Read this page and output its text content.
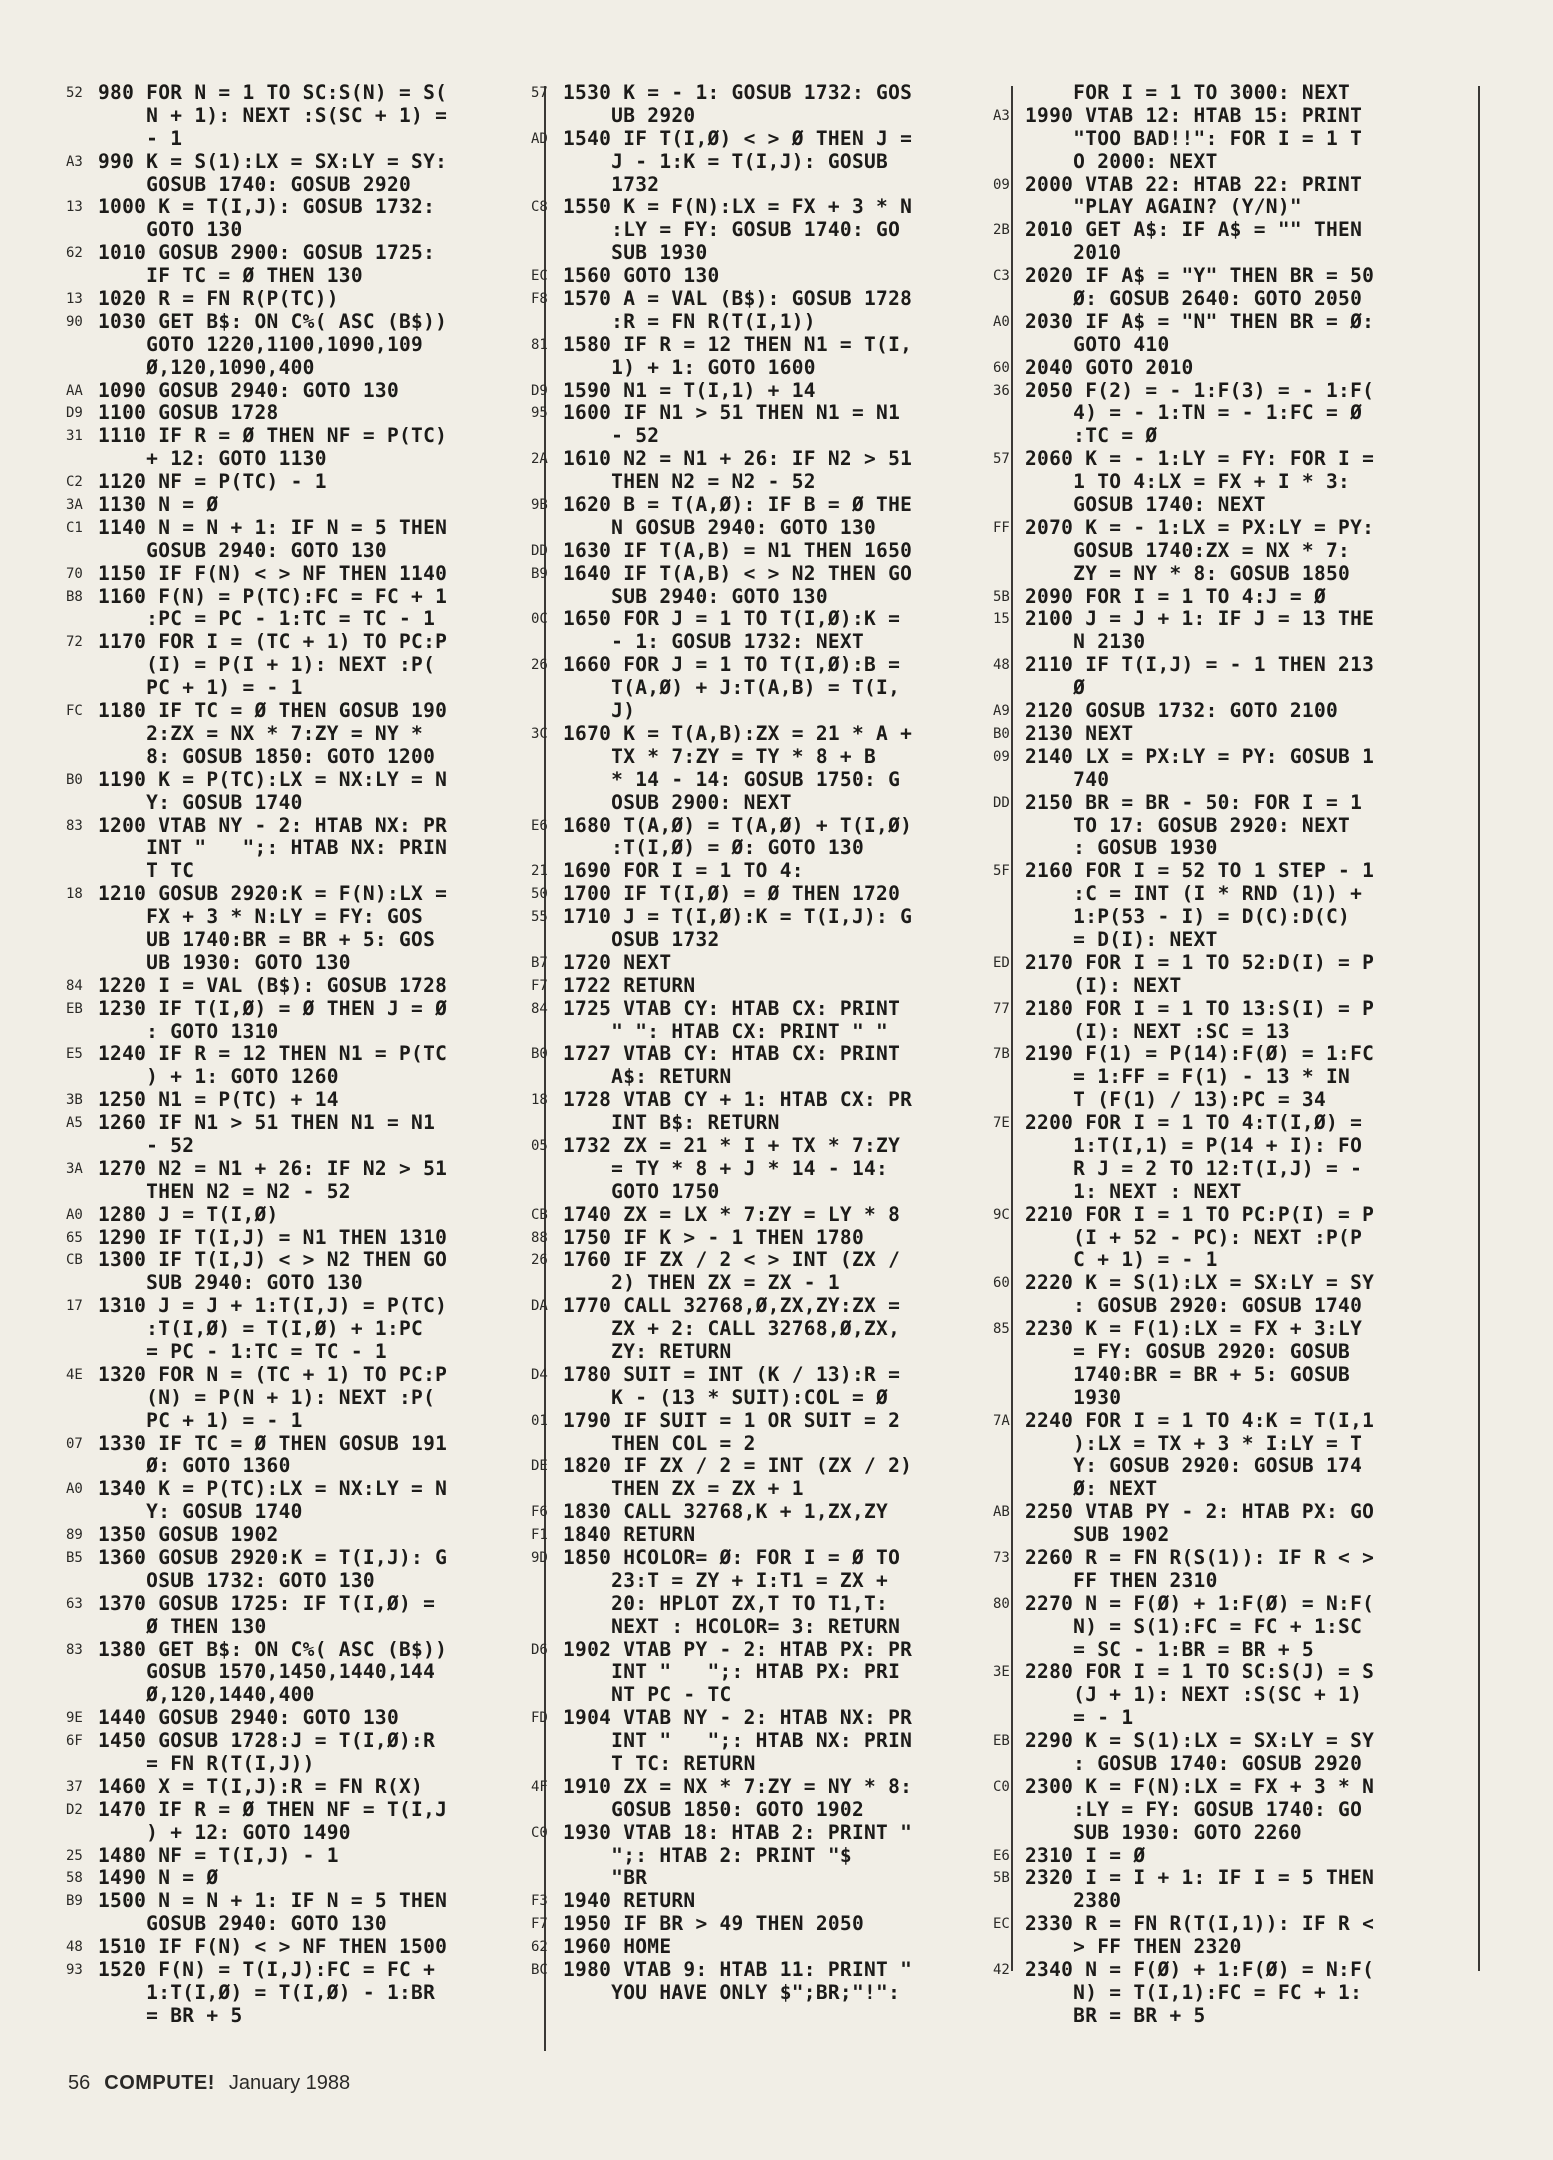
52 980 FOR N = 1 TO SC:S(N) = S(
N + 1): NEXT :S(SC + 1) =
- 1
A3 990 K = S(1):LX = SX:LY = SY:
GOSUB 1740: GOSUB 2920
13 1000 K = T(I,J): GOSUB 1732:
GOTO 130
62 1010 GOSUB 2900: GOSUB 1725:
IF TC = Ø THEN 130
13 1020 R = FN R(P(TC))
90 1030 GET B$: ON C%( ASC (B$))
GOTO 1220,1100,1090,109
Ø,120,1090,400
AA 1090 GOSUB 2940: GOTO 130
D9 1100 GOSUB 1728
31 1110 IF R = Ø THEN NF = P(TC)
+ 12: GOTO 1130
C2 1120 NF = P(TC) - 1
3A 1130 N = Ø
C1 1140 N = N + 1: IF N = 5 THEN
GOSUB 2940: GOTO 130
70 1150 IF F(N) < > NF THEN 1140
B8 1160 F(N) = P(TC):FC = FC + 1
:PC = PC - 1:TC = TC - 1
72 1170 FOR I = (TC + 1) TO PC:P
(I) = P(I + 1): NEXT :P(
PC + 1) = - 1
FC 1180 IF TC = Ø THEN GOSUB 190
2:ZX = NX * 7:ZY = NY *
8: GOSUB 1850: GOTO 1200
B0 1190 K = P(TC):LX = NX:LY = N
Y: GOSUB 1740
83 1200 VTAB NY - 2: HTAB NX: PR
INT "   ";: HTAB NX: PRIN
T TC
18 1210 GOSUB 2920:K = F(N):LX =
FX + 3 * N:LY = FY: GOS
UB 1740:BR = BR + 5: GOS
UB 1930: GOTO 130
84 1220 I = VAL (B$): GOSUB 1728
EB 1230 IF T(I,Ø) = Ø THEN J = Ø
: GOTO 1310
E5 1240 IF R = 12 THEN N1 = P(TC
) + 1: GOTO 1260
3B 1250 N1 = P(TC) + 14
A5 1260 IF N1 > 51 THEN N1 = N1
- 52
3A 1270 N2 = N1 + 26: IF N2 > 51
THEN N2 = N2 - 52
A0 1280 J = T(I,Ø)
65 1290 IF T(I,J) = N1 THEN 1310
CB 1300 IF T(I,J) < > N2 THEN GO
SUB 2940: GOTO 130
17 1310 J = J + 1:T(I,J) = P(TC)
:T(I,Ø) = T(I,Ø) + 1:PC
= PC - 1:TC = TC - 1
4E 1320 FOR N = (TC + 1) TO PC:P
(N) = P(N + 1): NEXT :P(
PC + 1) = - 1
07 1330 IF TC = Ø THEN GOSUB 191
Ø: GOTO 1360
A0 1340 K = P(TC):LX = NX:LY = N
Y: GOSUB 1740
89 1350 GOSUB 1902
B5 1360 GOSUB 2920:K = T(I,J): G
OSUB 1732: GOTO 130
63 1370 GOSUB 1725: IF T(I,Ø) =
Ø THEN 130
83 1380 GET B$: ON C%( ASC (B$))
GOSUB 1570,1450,1440,144
Ø,120,1440,400
9E 1440 GOSUB 2940: GOTO 130
6F 1450 GOSUB 1728:J = T(I,Ø):R
= FN R(T(I,J))
37 1460 X = T(I,J):R = FN R(X)
D2 1470 IF R = Ø THEN NF = T(I,J
) + 12: GOTO 1490
25 1480 NF = T(I,J) - 1
58 1490 N = Ø
B9 1500 N = N + 1: IF N = 5 THEN
GOSUB 2940: GOTO 130
48 1510 IF F(N) < > NF THEN 1500
93 1520 F(N) = T(I,J):FC = FC +
1:T(I,Ø) = T(I,Ø) - 1:BR
= BR + 5
57 1530 K = - 1: GOSUB 1732: GOS
UB 2920
AD 1540 IF T(I,Ø) < > Ø THEN J =
J - 1:K = T(I,J): GOSUB
1732
C8 1550 K = F(N):LX = FX + 3 * N
:LY = FY: GOSUB 1740: GO
SUB 1930
EC 1560 GOTO 130
F8 1570 A = VAL (B$): GOSUB 1728
:R = FN R(T(I,1))
81 1580 IF R = 12 THEN N1 = T(I,
1) + 1: GOTO 1600
D9 1590 N1 = T(I,1) + 14
95 1600 IF N1 > 51 THEN N1 = N1
- 52
2A 1610 N2 = N1 + 26: IF N2 > 51
THEN N2 = N2 - 52
9B 1620 B = T(A,Ø): IF B = Ø THE
N GOSUB 2940: GOTO 130
DD 1630 IF T(A,B) = N1 THEN 1650
B9 1640 IF T(A,B) < > N2 THEN GO
SUB 2940: GOTO 130
0C 1650 FOR J = 1 TO T(I,Ø):K =
- 1: GOSUB 1732: NEXT
26 1660 FOR J = 1 TO T(I,Ø):B =
T(A,Ø) + J:T(A,B) = T(I,
J)
3C 1670 K = T(A,B):ZX = 21 * A +
TX * 7:ZY = TY * 8 + B
* 14 - 14: GOSUB 1750: G
OSUB 2900: NEXT
E6 1680 T(A,Ø) = T(A,Ø) + T(I,Ø)
:T(I,Ø) = Ø: GOTO 130
21 1690 FOR I = 1 TO 4:
50 1700 IF T(I,Ø) = Ø THEN 1720
55 1710 J = T(I,Ø):K = T(I,J): G
OSUB 1732
B7 1720 NEXT
F7 1722 RETURN
84 1725 VTAB CY: HTAB CX: PRINT
" ": HTAB CX: PRINT " "
B0 1727 VTAB CY: HTAB CX: PRINT
A$: RETURN
18 1728 VTAB CY + 1: HTAB CX: PR
INT B$: RETURN
05 1732 ZX = 21 * I + TX * 7:ZY
= TY * 8 + J * 14 - 14:
GOTO 1750
CB 1740 ZX = LX * 7:ZY = LY * 8
88 1750 IF K > - 1 THEN 1780
26 1760 IF ZX / 2 < > INT (ZX /
2) THEN ZX = ZX - 1
DA 1770 CALL 32768,Ø,ZX,ZY:ZX =
ZX + 2: CALL 32768,Ø,ZX,
ZY: RETURN
D4 1780 SUIT = INT (K / 13):R =
K - (13 * SUIT):COL = Ø
01 1790 IF SUIT = 1 OR SUIT = 2
THEN COL = 2
DE 1820 IF ZX / 2 = INT (ZX / 2)
THEN ZX = ZX + 1
F6 1830 CALL 32768,K + 1,ZX,ZY
F1 1840 RETURN
9D 1850 HCOLOR= Ø: FOR I = Ø TO
23:T = ZY + I:T1 = ZX +
20: HPLOT ZX,T TO T1,T:
NEXT : HCOLOR= 3: RETURN
D6 1902 VTAB PY - 2: HTAB PX: PR
INT "   ";: HTAB PX: PRI
NT PC - TC
FD 1904 VTAB NY - 2: HTAB NX: PR
INT "   ";: HTAB NX: PRIN
T TC: RETURN
4F 1910 ZX = NX * 7:ZY = NY * 8:
GOSUB 1850: GOTO 1902
C0 1930 VTAB 18: HTAB 2: PRINT "
";: HTAB 2: PRINT "$
"BR
F3 1940 RETURN
F7 1950 IF BR > 49 THEN 2050
62 1960 HOME
BC 1980 VTAB 9: HTAB 11: PRINT "
YOU HAVE ONLY $";BR;"!":
FOR I = 1 TO 3000: NEXT
A3 1990 VTAB 12: HTAB 15: PRINT
"TOO BAD!!": FOR I = 1 T
O 2000: NEXT
09 2000 VTAB 22: HTAB 22: PRINT
"PLAY AGAIN? (Y/N)"
2B 2010 GET A$: IF A$ = "" THEN
2010
C3 2020 IF A$ = "Y" THEN BR = 50
Ø: GOSUB 2640: GOTO 2050
A0 2030 IF A$ = "N" THEN BR = Ø:
GOTO 410
60 2040 GOTO 2010
36 2050 F(2) = - 1:F(3) = - 1:F(
4) = - 1:TN = - 1:FC = Ø
:TC = Ø
57 2060 K = - 1:LY = FY: FOR I =
1 TO 4:LX = FX + I * 3:
GOSUB 1740: NEXT
FF 2070 K = - 1:LX = PX:LY = PY:
GOSUB 1740:ZX = NX * 7:
ZY = NY * 8: GOSUB 1850
5B 2090 FOR I = 1 TO 4:J = Ø
15 2100 J = J + 1: IF J = 13 THE
N 2130
48 2110 IF T(I,J) = - 1 THEN 213
Ø
A9 2120 GOSUB 1732: GOTO 2100
B0 2130 NEXT
09 2140 LX = PX:LY = PY: GOSUB 1
740
DD 2150 BR = BR - 50: FOR I = 1
TO 17: GOSUB 2920: NEXT
: GOSUB 1930
5F 2160 FOR I = 52 TO 1 STEP - 1
:C = INT (I * RND (1)) +
1:P(53 - I) = D(C):D(C)
= D(I): NEXT
ED 2170 FOR I = 1 TO 52:D(I) = P
(I): NEXT
77 2180 FOR I = 1 TO 13:S(I) = P
(I): NEXT :SC = 13
7B 2190 F(1) = P(14):F(Ø) = 1:FC
= 1:FF = F(1) - 13 * IN
T (F(1) / 13):PC = 34
7E 2200 FOR I = 1 TO 4:T(I,Ø) =
1:T(I,1) = P(14 + I): FO
R J = 2 TO 12:T(I,J) = -
1: NEXT : NEXT
9C 2210 FOR I = 1 TO PC:P(I) = P
(I + 52 - PC): NEXT :P(P
C + 1) = - 1
60 2220 K = S(1):LX = SX:LY = SY
: GOSUB 2920: GOSUB 1740
85 2230 K = F(1):LX = FX + 3:LY
= FY: GOSUB 2920: GOSUB
1740:BR = BR + 5: GOSUB
1930
7A 2240 FOR I = 1 TO 4:K = T(I,1
):LX = TX + 3 * I:LY = T
Y: GOSUB 2920: GOSUB 174
Ø: NEXT
AB 2250 VTAB PY - 2: HTAB PX: GO
SUB 1902
73 2260 R = FN R(S(1)): IF R < >
FF THEN 2310
80 2270 N = F(Ø) + 1:F(Ø) = N:F(
N) = S(1):FC = FC + 1:SC
= SC - 1:BR = BR + 5
3E 2280 FOR I = 1 TO SC:S(J) = S
(J + 1): NEXT :S(SC + 1)
= - 1
EB 2290 K = S(1):LX = SX:LY = SY
: GOSUB 1740: GOSUB 2920
C0 2300 K = F(N):LX = FX + 3 * N
:LY = FY: GOSUB 1740: GO
SUB 1930: GOTO 2260
E6 2310 I = Ø
5B 2320 I = I + 1: IF I = 5 THEN
2380
EC 2330 R = FN R(T(I,1)): IF R <
> FF THEN 2320
42 2340 N = F(Ø) + 1:F(Ø) = N:F(
N) = T(I,1):FC = FC + 1:
BR = BR + 5
56 COMPUTE! January 1988
